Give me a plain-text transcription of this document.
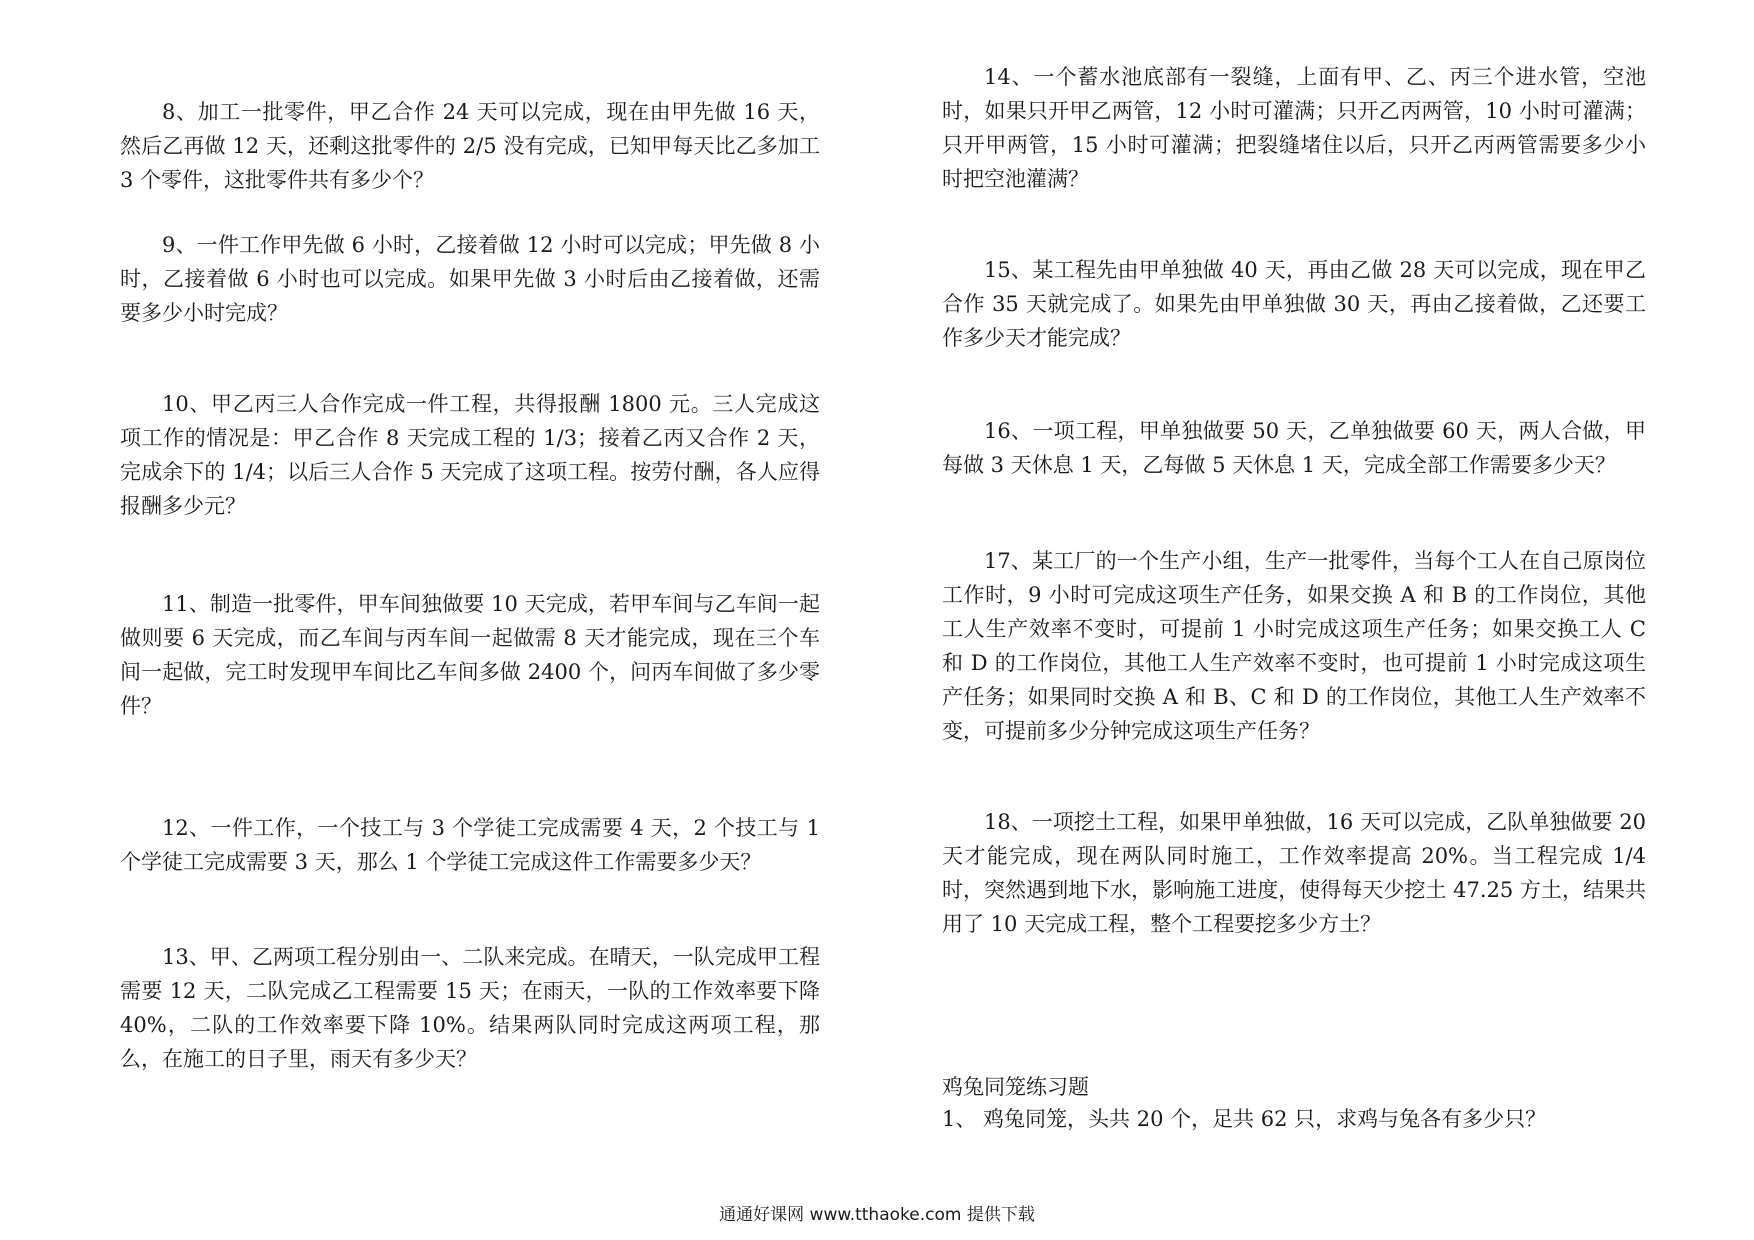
8、加工一批零件，甲乙合作 24 天可以完成，现在由甲先做 16 天，然后乙再做 12 天，还剩这批零件的 2/5 没有完成，已知甲每天比乙多加工 3 个零件，这批零件共有多少个？

9、一件工作甲先做 6 小时，乙接着做 12 小时可以完成；甲先做 8 小时，乙接着做 6 小时也可以完成。如果甲先做 3 小时后由乙接着做，还需要多少小时完成？

10、甲乙丙三人合作完成一件工程，共得报酬 1800 元。三人完成这项工作的情况是：甲乙合作 8 天完成工程的 1/3；接着乙丙又合作 2 天，完成余下的 1/4；以后三人合作 5 天完成了这项工程。按劳付酬，各人应得报酬多少元？

11、制造一批零件，甲车间独做要 10 天完成，若甲车间与乙车间一起做则要 6 天完成，而乙车间与丙车间一起做需 8 天才能完成，现在三个车间一起做，完工时发现甲车间比乙车间多做 2400 个，问丙车间做了多少零件？

12、一件工作，一个技工与 3 个学徒工完成需要 4 天，2 个技工与 1 个学徒工完成需要 3 天，那么 1 个学徒工完成这件工作需要多少天？

13、甲、乙两项工程分别由一、二队来完成。在晴天，一队完成甲工程需要 12 天，二队完成乙工程需要 15 天；在雨天，一队的工作效率要下降 40%，二队的工作效率要下降 10%。结果两队同时完成这两项工程，那么，在施工的日子里，雨天有多少天？

14、一个蓄水池底部有一裂缝，上面有甲、乙、丙三个进水管，空池时，如果只开甲乙两管，12 小时可灌满；只开乙丙两管，10 小时可灌满；只开甲两管，15 小时可灌满；把裂缝堵住以后，只开乙丙两管需要多少小时把空池灌满？

15、某工程先由甲单独做 40 天，再由乙做 28 天可以完成，现在甲乙合作 35 天就完成了。如果先由甲单独做 30 天，再由乙接着做，乙还要工作多少天才能完成？

16、一项工程，甲单独做要 50 天，乙单独做要 60 天，两人合做，甲每做 3 天休息 1 天，乙每做 5 天休息 1 天，完成全部工作需要多少天？

17、某工厂的一个生产小组，生产一批零件，当每个工人在自己原岗位工作时，9 小时可完成这项生产任务，如果交换 A 和 B 的工作岗位，其他工人生产效率不变时，可提前 1 小时完成这项生产任务；如果交换工人 C 和 D 的工作岗位，其他工人生产效率不变时，也可提前 1 小时完成这项生产任务；如果同时交换 A 和 B、C 和 D 的工作岗位，其他工人生产效率不变，可提前多少分钟完成这项生产任务？

18、一项挖土工程，如果甲单独做，16 天可以完成，乙队单独做要 20 天才能完成，现在两队同时施工，工作效率提高 20%。当工程完成 1/4 时，突然遇到地下水，影响施工进度，使得每天少挖土 47.25 方土，结果共用了 10 天完成工程，整个工程要挖多少方土？

鸡兔同笼练习题

1、 鸡兔同笼，头共 20 个，足共 62 只，求鸡与兔各有多少只？

通通好课网 www.tthaoke.com 提供下载
